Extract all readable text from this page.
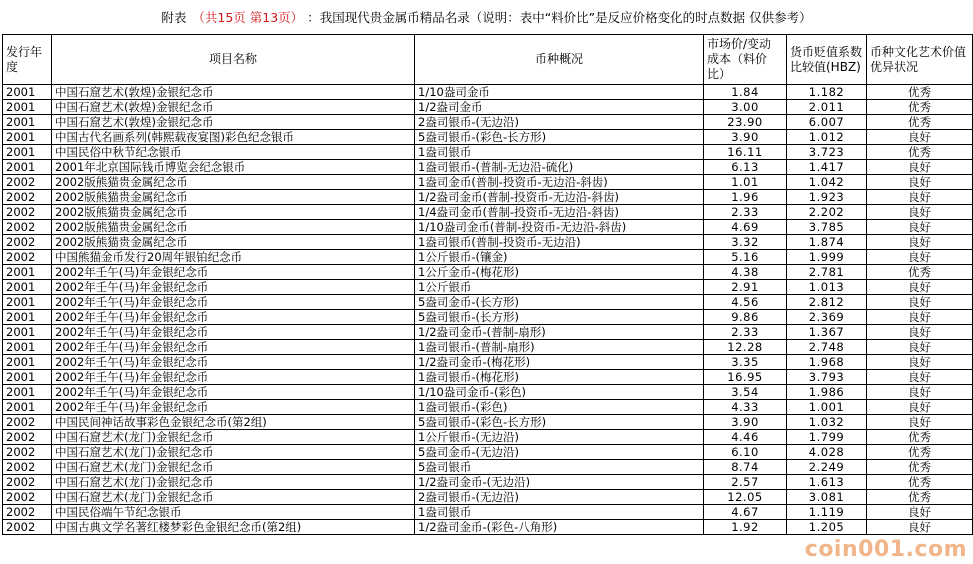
附表 （共15页 第13页） ：我国现代贵金属币精品名录（说明：表中“料价比”是反应价格变化的时点数据 仅供参考）
发行年度	项目名称	币种概况	市场价/变动成本（料价比）	货币贬值系数比较值(HBZ)	币种文化艺术价值优异状况
2001	中国石窟艺术(敦煌)金银纪念币	1/10盎司金币	1.84	1.182	优秀
2001	中国石窟艺术(敦煌)金银纪念币	1/2盎司金币	3.00	2.011	优秀
2001	中国石窟艺术(敦煌)金银纪念币	2盎司银币-(无边沿)	23.90	6.007	优秀
2001	中国古代名画系列(韩熙载夜宴图)彩色纪念银币	5盎司银币-(彩色-长方形)	3.90	1.012	良好
2001	中国民俗中秋节纪念银币	1盎司银币	16.11	3.723	优秀
2001	2001年北京国际钱币博览会纪念银币	1盎司银币-(普制-无边沿-硫化)	6.13	1.417	良好
2002	2002版熊猫贵金属纪念币	1盎司金币(普制-投资币-无边沿-斜齿)	1.01	1.042	良好
2002	2002版熊猫贵金属纪念币	1/2盎司金币(普制-投资币-无边沿-斜齿)	1.96	1.923	良好
2002	2002版熊猫贵金属纪念币	1/4盎司金币(普制-投资币-无边沿-斜齿)	2.33	2.202	良好
2002	2002版熊猫贵金属纪念币	1/10盎司金币(普制-投资币-无边沿-斜齿)	4.69	3.785	良好
2002	2002版熊猫贵金属纪念币	1盎司银币(普制-投资币-无边沿)	3.32	1.874	良好
2002	中国熊猫金币发行20周年银铂纪念币	1公斤银币-(镶金)	5.16	1.999	良好
2001	2002年壬午(马)年金银纪念币	1公斤金币-(梅花形)	4.38	2.781	优秀
2001	2002年壬午(马)年金银纪念币	1公斤银币	2.91	1.013	良好
2001	2002年壬午(马)年金银纪念币	5盎司金币-(长方形)	4.56	2.812	良好
2001	2002年壬午(马)年金银纪念币	5盎司银币-(长方形)	9.86	2.369	良好
2001	2002年壬午(马)年金银纪念币	1/2盎司金币-(普制-扇形)	2.33	1.367	良好
2001	2002年壬午(马)年金银纪念币	1盎司银币-(普制-扇形)	12.28	2.748	良好
2001	2002年壬午(马)年金银纪念币	1/2盎司金币-(梅花形)	3.35	1.968	良好
2001	2002年壬午(马)年金银纪念币	1盎司银币-(梅花形)	16.95	3.793	良好
2001	2002年壬午(马)年金银纪念币	1/10盎司金币-(彩色)	3.54	1.986	良好
2001	2002年壬午(马)年金银纪念币	1盎司银币-(彩色)	4.33	1.001	良好
2002	中国民间神话故事彩色金银纪念币(第2组)	5盎司银币-(彩色-长方形)	3.90	1.032	良好
2002	中国石窟艺术(龙门)金银纪念币	1公斤银币-(无边沿)	4.46	1.799	优秀
2002	中国石窟艺术(龙门)金银纪念币	5盎司金币-(无边沿)	6.10	4.028	优秀
2002	中国石窟艺术(龙门)金银纪念币	5盎司银币	8.74	2.249	优秀
2002	中国石窟艺术(龙门)金银纪念币	1/2盎司金币-(无边沿)	2.57	1.613	优秀
2002	中国石窟艺术(龙门)金银纪念币	2盎司银币-(无边沿)	12.05	3.081	优秀
2002	中国民俗端午节纪念银币	1盎司银币	4.67	1.119	良好
2002	中国古典文学名著红楼梦彩色金银纪念币(第2组)	1/2盎司金币-(彩色-八角形)	1.92	1.205	良好
coin001.com
